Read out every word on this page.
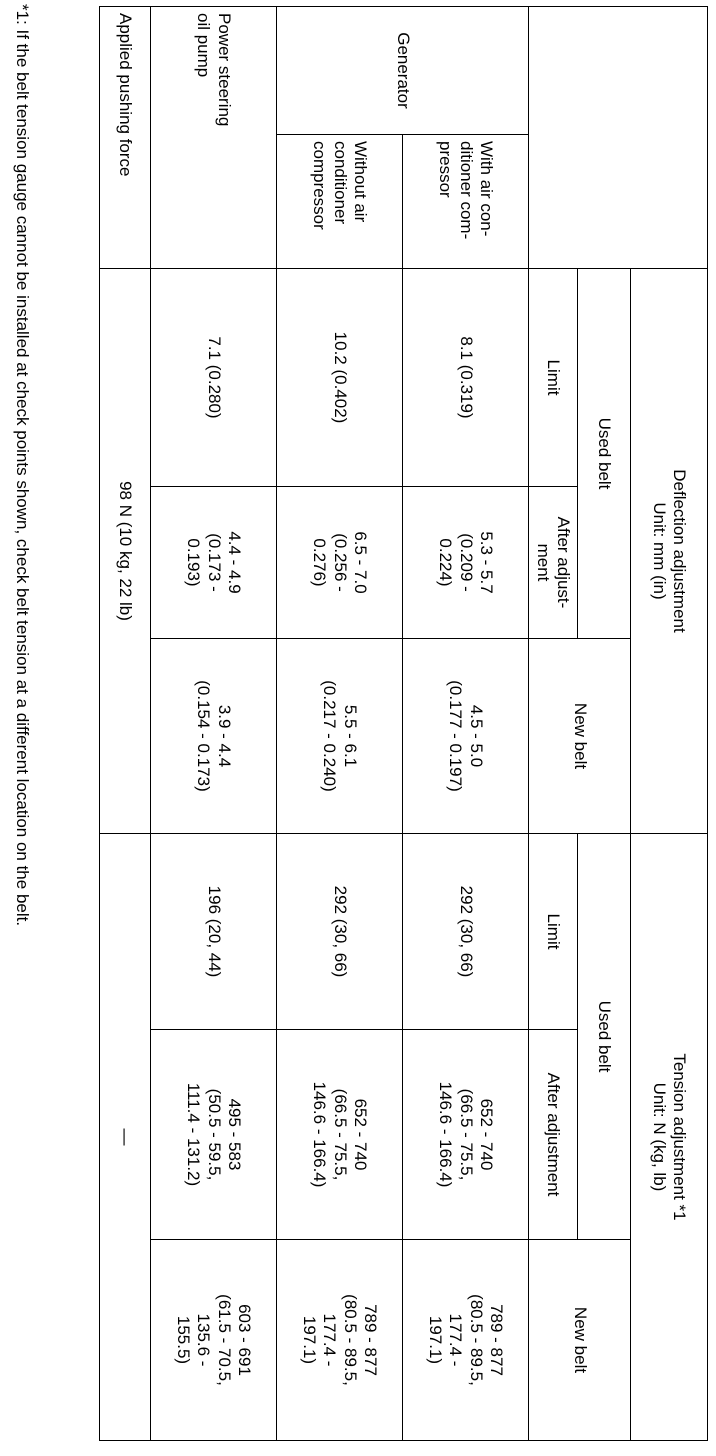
		Deflection adjustment
Unit: mm (in)			Tension adjustment *1
Unit: N (kg, lb)		
		Used belt		New belt	Used belt		New belt
		Limit	After adjust-
ment		Limit	After adjustment	
Generator	With air con-
ditioner com-
pressor	8.1 (0.319)	5.3 - 5.7
(0.209 -
0.224)	4.5 - 5.0
(0.177 - 0.197)	292 (30, 66)	652 - 740
(66.5 - 75.5,
146.6 - 166.4)	789 - 877
(80.5 - 89.5,
177.4 -
197.1)
	Without air
conditioner
compressor	10.2 (0.402)	6.5 - 7.0
(0.256 -
0.276)	5.5 - 6.1
(0.217 - 0.240)	292 (30, 66)	652 - 740
(66.5 - 75.5,
146.6 - 166.4)	789 - 877
(80.5 - 89.5,
177.4 -
197.1)
Power steering
oil pump		7.1 (0.280)	4.4 - 4.9
(0.173 -
0.193)	3.9 - 4.4
(0.154 - 0.173)	196 (20, 44)	495 - 583
(50.5 - 59.5,
111.4 - 131.2)	603 - 691
(61.5 - 70.5,
135.6 -
155.5)
Applied pushing force		98 N (10 kg, 22 lb)			—		
*1: If the belt tension gauge cannot be installed at check points shown, check belt tension at a different location on the belt.
